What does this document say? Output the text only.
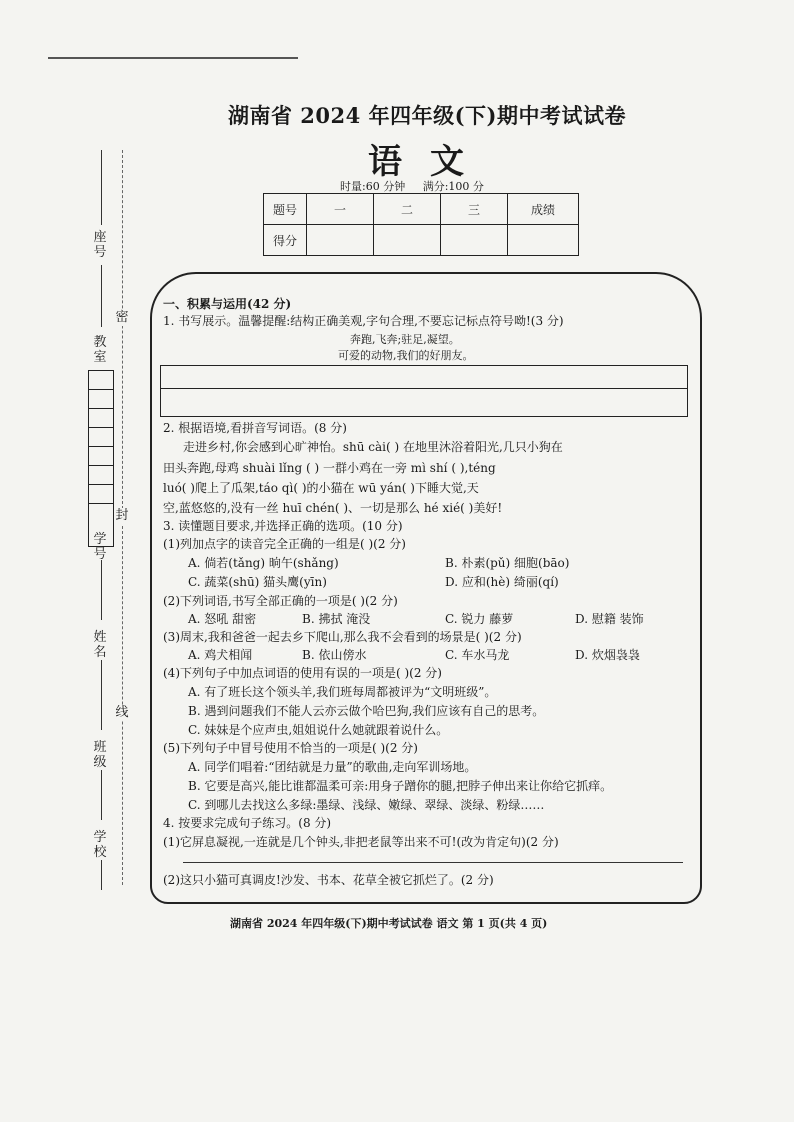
密
封
线
座号
教室
学号
姓名
班级
学校
湖南省 2024 年四年级(下)期中考试试卷
语文
时量:60 分钟 满分:100 分
题号	一	二	三	成绩
得分				
一、积累与运用(42 分)
1. 书写展示。温馨提醒:结构正确美观,字句合理,不要忘记标点符号呦!(3 分)
奔跑,飞奔;驻足,凝望。
可爱的动物,我们的好朋友。
2. 根据语境,看拼音写词语。(8 分)
走进乡村,你会感到心旷神怡。shū cài( ) 在地里沐浴着阳光,几只小狗在
田头奔跑,母鸡 shuài lǐng ( ) 一群小鸡在一旁 mì shí ( ),téng
luó( )爬上了瓜架,táo qì( )的小猫在 wū yán( )下睡大觉,天
空,蓝悠悠的,没有一丝 huī chén( )、一切是那么 hé xié( )美好!
3. 读懂题目要求,并选择正确的选项。(10 分)
(1)列加点字的读音完全正确的一组是( )(2 分)
A. 倘若(tǎng) 晌午(shǎng)	B. 朴素(pǔ) 细胞(bāo)
C. 蔬菜(shū) 猫头鹰(yīn)	D. 应和(hè) 绮丽(qí)
(2)下列词语,书写全部正确的一项是( )(2 分)
A. 怒吼 甜密	B. 拂拭 淹没	C. 锐力 藤萝	D. 慰籍 装饰
(3)周末,我和爸爸一起去乡下爬山,那么我不会看到的场景是( )(2 分)
A. 鸡犬相闻	B. 依山傍水	C. 车水马龙	D. 炊烟袅袅
(4)下列句子中加点词语的使用有误的一项是( )(2 分)
A. 有了班长这个领头羊,我们班每周都被评为“文明班级”。
B. 遇到问题我们不能人云亦云做个哈巴狗,我们应该有自己的思考。
C. 妹妹是个应声虫,姐姐说什么她就跟着说什么。
(5)下列句子中冒号使用不恰当的一项是( )(2 分)
A. 同学们唱着:“团结就是力量”的歌曲,走向军训场地。
B. 它要是高兴,能比谁都温柔可亲:用身子蹭你的腿,把脖子伸出来让你给它抓痒。
C. 到哪儿去找这么多绿:墨绿、浅绿、嫩绿、翠绿、淡绿、粉绿……
4. 按要求完成句子练习。(8 分)
(1)它屏息凝视,一连就是几个钟头,非把老鼠等出来不可!(改为肯定句)(2 分)
(2)这只小猫可真调皮!沙发、书本、花草全被它抓烂了。(2 分)
湖南省 2024 年四年级(下)期中考试试卷 语文 第 1 页(共 4 页)
